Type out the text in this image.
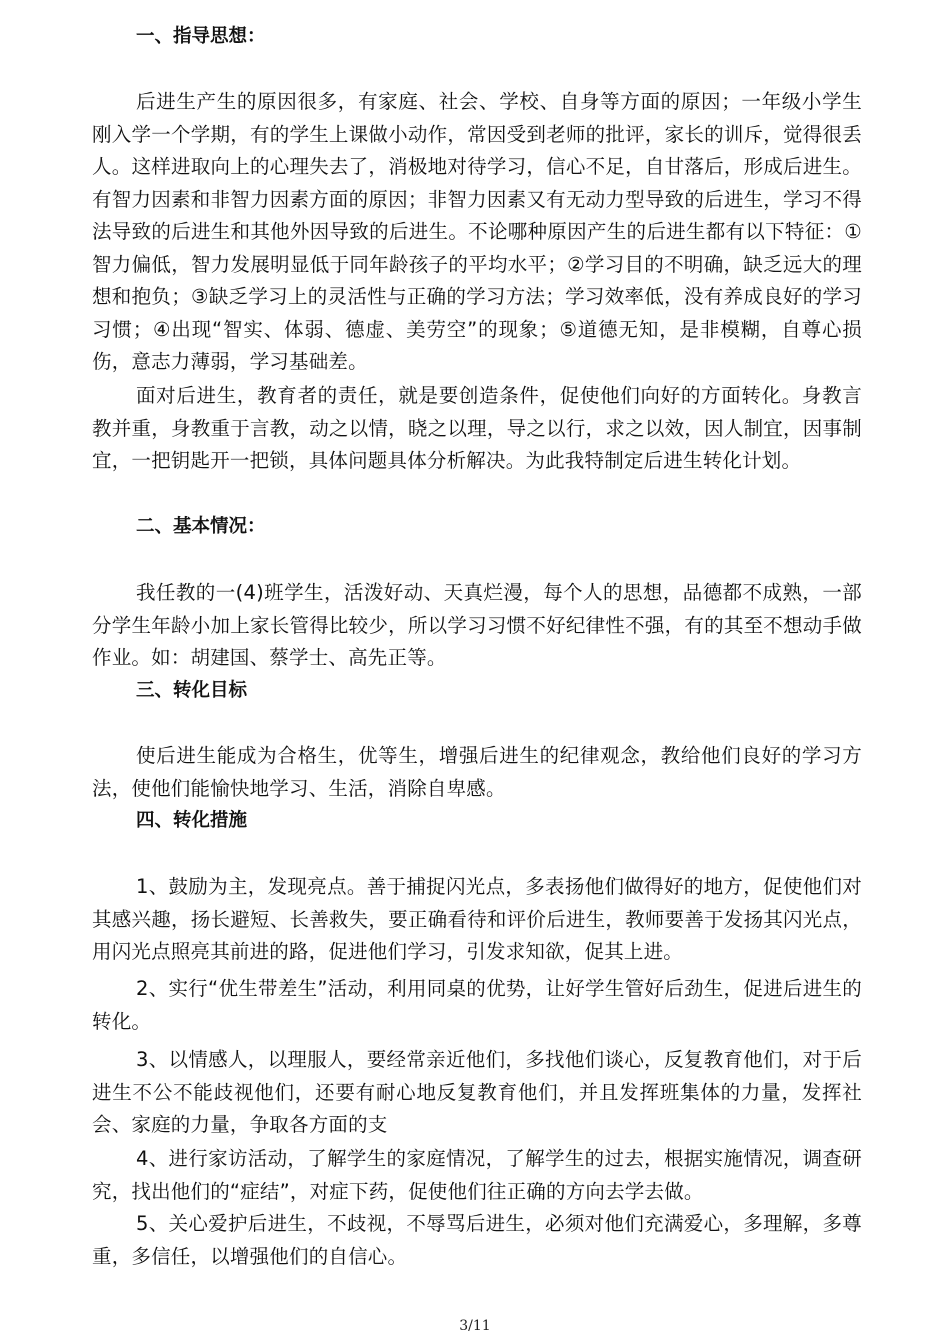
一、指导思想：

后进生产生的原因很多，有家庭、社会、学校、自身等方面的原因；一年级小学生刚入学一个学期，有的学生上课做小动作，常因受到老师的批评，家长的训斥，觉得很丢人。这样进取向上的心理失去了，消极地对待学习，信心不足，自甘落后，形成后进生。有智力因素和非智力因素方面的原因；非智力因素又有无动力型导致的后进生，学习不得法导致的后进生和其他外因导致的后进生。不论哪种原因产生的后进生都有以下特征：①智力偏低，智力发展明显低于同年龄孩子的平均水平；②学习目的不明确，缺乏远大的理想和抱负；③缺乏学习上的灵活性与正确的学习方法；学习效率低，没有养成良好的学习习惯；④出现“智实、体弱、德虚、美劳空”的现象；⑤道德无知，是非模糊，自尊心损伤，意志力薄弱，学习基础差。

面对后进生，教育者的责任，就是要创造条件，促使他们向好的方面转化。身教言教并重，身教重于言教，动之以情，晓之以理，导之以行，求之以效，因人制宜，因事制宜，一把钥匙开一把锁，具体问题具体分析解决。为此我特制定后进生转化计划。

二、基本情况：

我任教的一(4)班学生，活泼好动、天真烂漫，每个人的思想，品德都不成熟，一部分学生年龄小加上家长管得比较少，所以学习习惯不好纪律性不强，有的其至不想动手做作业。如：胡建国、蔡学士、高先正等。

三、转化目标

使后进生能成为合格生，优等生，增强后进生的纪律观念，教给他们良好的学习方法，使他们能愉快地学习、生活，消除自卑感。

四、转化措施

1、鼓励为主，发现亮点。善于捕捉闪光点，多表扬他们做得好的地方，促使他们对其感兴趣，扬长避短、长善救失，要正确看待和评价后进生，教师要善于发扬其闪光点，用闪光点照亮其前进的路，促进他们学习，引发求知欲，促其上进。

2、实行“优生带差生”活动，利用同桌的优势，让好学生管好后劲生，促进后进生的转化。

3、以情感人，以理服人，要经常亲近他们，多找他们谈心，反复教育他们，对于后进生不公不能歧视他们，还要有耐心地反复教育他们，并且发挥班集体的力量，发挥社会、家庭的力量，争取各方面的支

4、进行家访活动，了解学生的家庭情况，了解学生的过去，根据实施情况，调查研究，找出他们的“症结”，对症下药，促使他们往正确的方向去学去做。

5、关心爱护后进生，不歧视，不辱骂后进生，必须对他们充满爱心，多理解，多尊重，多信任，以增强他们的自信心。

3/11
